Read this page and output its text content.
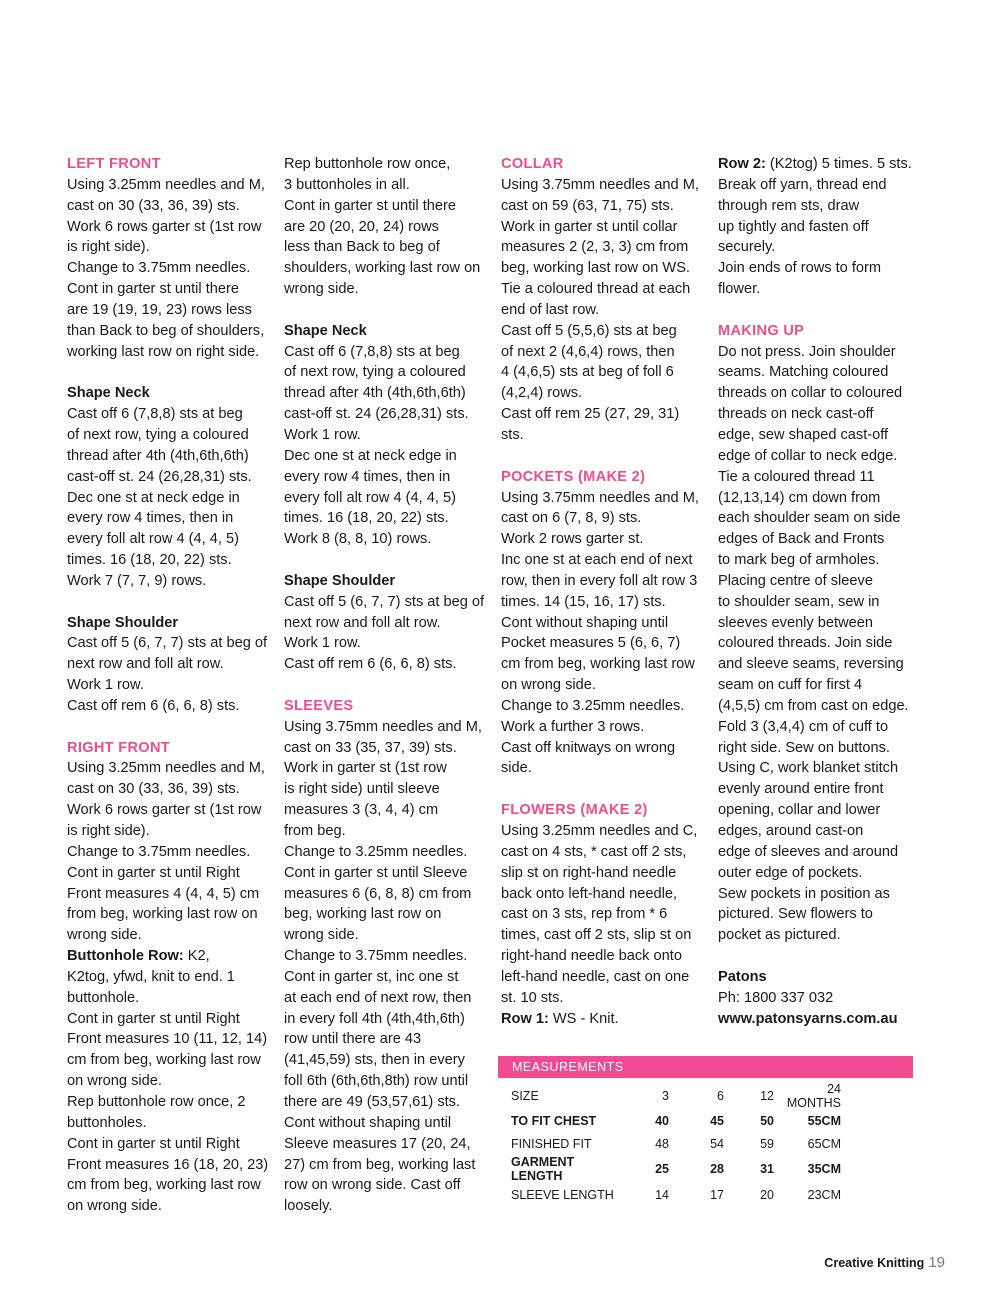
LEFT FRONT
Using 3.25mm needles and M,
cast on 30 (33, 36, 39) sts.
Work 6 rows garter st (1st row
is right side).
Change to 3.75mm needles.
Cont in garter st until there
are 19 (19, 19, 23) rows less
than Back to beg of shoulders,
working last row on right side.
Shape Neck
Cast off 6 (7,8,8) sts at beg
of next row, tying a coloured
thread after 4th (4th,6th,6th)
cast-off st. 24 (26,28,31) sts.
Dec one st at neck edge in
every row 4 times, then in
every foll alt row 4 (4, 4, 5)
times. 16 (18, 20, 22) sts.
Work 7 (7, 7, 9) rows.
Shape Shoulder
Cast off 5 (6, 7, 7) sts at beg of
next row and foll alt row.
Work 1 row.
Cast off rem 6 (6, 6, 8) sts.
RIGHT FRONT
Using 3.25mm needles and M,
cast on 30 (33, 36, 39) sts.
Work 6 rows garter st (1st row
is right side).
Change to 3.75mm needles.
Cont in garter st until Right
Front measures 4 (4, 4, 5) cm
from beg, working last row on
wrong side.
Buttonhole Row: K2,
K2tog, yfwd, knit to end. 1
buttonhole.
Cont in garter st until Right
Front measures 10 (11, 12, 14)
cm from beg, working last row
on wrong side.
Rep buttonhole row once, 2
buttonholes.
Cont in garter st until Right
Front measures 16 (18, 20, 23)
cm from beg, working last row
on wrong side.
Rep buttonhole row once,
3 buttonholes in all.
Cont in garter st until there
are 20 (20, 20, 24) rows
less than Back to beg of
shoulders, working last row on
wrong side.
Shape Neck
Cast off 6 (7,8,8) sts at beg
of next row, tying a coloured
thread after 4th (4th,6th,6th)
cast-off st. 24 (26,28,31) sts.
Work 1 row.
Dec one st at neck edge in
every row 4 times, then in
every foll alt row 4 (4, 4, 5)
times. 16 (18, 20, 22) sts.
Work 8 (8, 8, 10) rows.
Shape Shoulder
Cast off 5 (6, 7, 7) sts at beg of
next row and foll alt row.
Work 1 row.
Cast off rem 6 (6, 6, 8) sts.
SLEEVES
Using 3.75mm needles and M,
cast on 33 (35, 37, 39) sts.
Work in garter st (1st row
is right side) until sleeve
measures 3 (3, 4, 4) cm
from beg.
Change to 3.25mm needles.
Cont in garter st until Sleeve
measures 6 (6, 8, 8) cm from
beg, working last row on
wrong side.
Change to 3.75mm needles.
Cont in garter st, inc one st
at each end of next row, then
in every foll 4th (4th,4th,6th)
row until there are 43
(41,45,59) sts, then in every
foll 6th (6th,6th,8th) row until
there are 49 (53,57,61) sts.
Cont without shaping until
Sleeve measures 17 (20, 24,
27) cm from beg, working last
row on wrong side. Cast off
loosely.
COLLAR
Using 3.75mm needles and M,
cast on 59 (63, 71, 75) sts.
Work in garter st until collar
measures 2 (2, 3, 3) cm from
beg, working last row on WS.
Tie a coloured thread at each
end of last row.
Cast off 5 (5,5,6) sts at beg
of next 2 (4,6,4) rows, then
4 (4,6,5) sts at beg of foll 6
(4,2,4) rows.
Cast off rem 25 (27, 29, 31)
sts.
POCKETS (MAKE 2)
Using 3.75mm needles and M,
cast on 6 (7, 8, 9) sts.
Work 2 rows garter st.
Inc one st at each end of next
row, then in every foll alt row 3
times. 14 (15, 16, 17) sts.
Cont without shaping until
Pocket measures 5 (6, 6, 7)
cm from beg, working last row
on wrong side.
Change to 3.25mm needles.
Work a further 3 rows.
Cast off knitways on wrong
side.
FLOWERS (MAKE 2)
Using 3.25mm needles and C,
cast on 4 sts, * cast off 2 sts,
slip st on right-hand needle
back onto left-hand needle,
cast on 3 sts, rep from * 6
times, cast off 2 sts, slip st on
right-hand needle back onto
left-hand needle, cast on one
st. 10 sts.
Row 1: WS - Knit.
Row 2: (K2tog) 5 times. 5 sts.
Break off yarn, thread end
through rem sts, draw
up tightly and fasten off
securely.
Join ends of rows to form
flower.
MAKING UP
Do not press. Join shoulder
seams. Matching coloured
threads on collar to coloured
threads on neck cast-off
edge, sew shaped cast-off
edge of collar to neck edge.
Tie a coloured thread 11
(12,13,14) cm down from
each shoulder seam on side
edges of Back and Fronts
to mark beg of armholes.
Placing centre of sleeve
to shoulder seam, sew in
sleeves evenly between
coloured threads. Join side
and sleeve seams, reversing
seam on cuff for first 4
(4,5,5) cm from cast on edge.
Fold 3 (3,4,4) cm of cuff to
right side. Sew on buttons.
Using C, work blanket stitch
evenly around entire front
opening, collar and lower
edges, around cast-on
edge of sleeves and around
outer edge of pockets.
Sew pockets in position as
pictured. Sew flowers to
pocket as pictured.
Patons
Ph: 1800 337 032
www.patonsyarns.com.au
MEASUREMENTS
SIZE	3	6	12	24 MONTHS	
TO FIT CHEST	40	45	50	55CM	
FINISHED FIT	48	54	59	65CM	
GARMENT LENGTH	25	28	31	35CM	
SLEEVE LENGTH	14	17	20	23CM	
Creative Knitting 19
